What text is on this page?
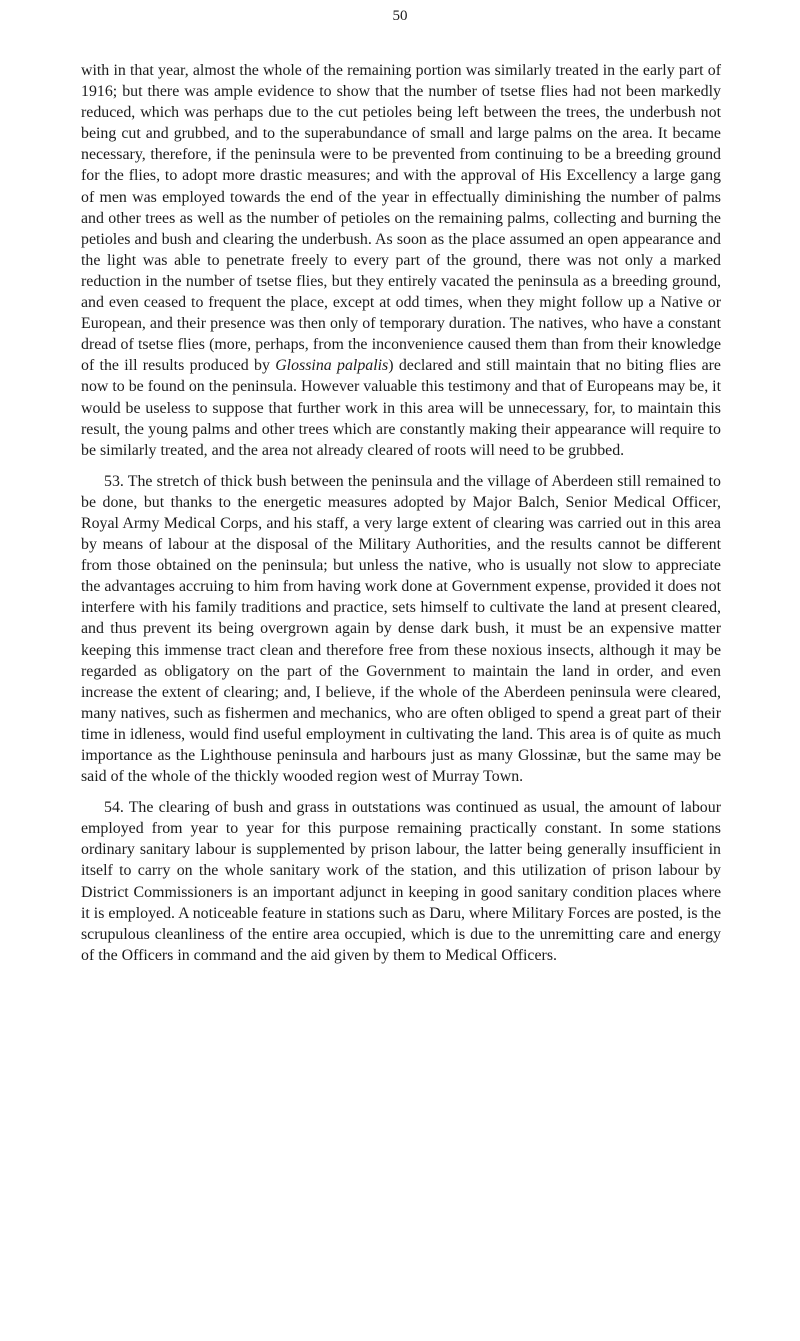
50

with in that year, almost the whole of the remaining portion was similarly treated in the early part of 1916; but there was ample evidence to show that the number of tsetse flies had not been markedly reduced, which was perhaps due to the cut petioles being left between the trees, the underbush not being cut and grubbed, and to the superabundance of small and large palms on the area. It became necessary, therefore, if the peninsula were to be prevented from continuing to be a breeding ground for the flies, to adopt more drastic measures; and with the approval of His Excellency a large gang of men was employed towards the end of the year in effectually diminishing the number of palms and other trees as well as the number of petioles on the remaining palms, collecting and burning the petioles and bush and clearing the underbush. As soon as the place assumed an open appearance and the light was able to penetrate freely to every part of the ground, there was not only a marked reduction in the number of tsetse flies, but they entirely vacated the peninsula as a breeding ground, and even ceased to frequent the place, except at odd times, when they might follow up a Native or European, and their presence was then only of temporary duration. The natives, who have a constant dread of tsetse flies (more, perhaps, from the inconvenience caused them than from their knowledge of the ill results produced by Glossina palpalis) declared and still maintain that no biting flies are now to be found on the peninsula. However valuable this testimony and that of Europeans may be, it would be useless to suppose that further work in this area will be unnecessary, for, to maintain this result, the young palms and other trees which are constantly making their appearance will require to be similarly treated, and the area not already cleared of roots will need to be grubbed.

53. The stretch of thick bush between the peninsula and the village of Aberdeen still remained to be done, but thanks to the energetic measures adopted by Major Balch, Senior Medical Officer, Royal Army Medical Corps, and his staff, a very large extent of clearing was carried out in this area by means of labour at the disposal of the Military Authorities, and the results cannot be different from those obtained on the peninsula; but unless the native, who is usually not slow to appreciate the advantages accruing to him from having work done at Government expense, provided it does not interfere with his family traditions and practice, sets himself to cultivate the land at present cleared, and thus prevent its being overgrown again by dense dark bush, it must be an expensive matter keeping this immense tract clean and therefore free from these noxious insects, although it may be regarded as obligatory on the part of the Government to maintain the land in order, and even increase the extent of clearing; and, I believe, if the whole of the Aberdeen peninsula were cleared, many natives, such as fishermen and mechanics, who are often obliged to spend a great part of their time in idleness, would find useful employment in cultivating the land. This area is of quite as much importance as the Lighthouse peninsula and harbours just as many Glossinæ, but the same may be said of the whole of the thickly wooded region west of Murray Town.

54. The clearing of bush and grass in outstations was continued as usual, the amount of labour employed from year to year for this purpose remaining practically constant. In some stations ordinary sanitary labour is supplemented by prison labour, the latter being generally insufficient in itself to carry on the whole sanitary work of the station, and this utilization of prison labour by District Commissioners is an important adjunct in keeping in good sanitary condition places where it is employed. A noticeable feature in stations such as Daru, where Military Forces are posted, is the scrupulous cleanliness of the entire area occupied, which is due to the unremitting care and energy of the Officers in command and the aid given by them to Medical Officers.
